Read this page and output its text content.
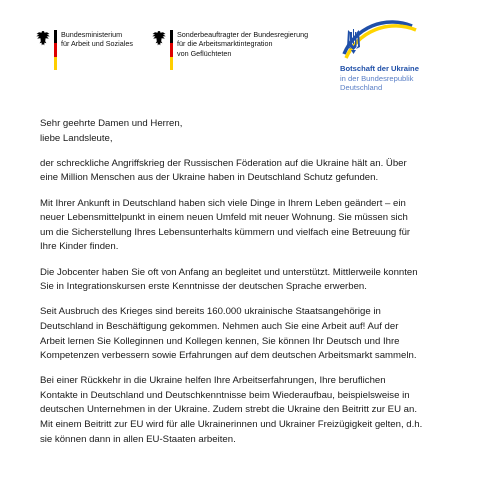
Bundesministerium
für Arbeit und Soziales
Sonderbeauftragter der Bundesregierung
für die Arbeitsmarktintegration
von Geflüchteten
Botschaft der Ukraine
in der Bundesrepublik
Deutschland

Sehr geehrte Damen und Herren,

liebe Landsleute,

der schreckliche Angriffskrieg der Russischen Föderation auf die Ukraine hält an. Über
eine Million Menschen aus der Ukraine haben in Deutschland Schutz gefunden.

Mit Ihrer Ankunft in Deutschland haben sich viele Dinge in Ihrem Leben geändert – ein
neuer Lebensmittelpunkt in einem neuen Umfeld mit neuer Wohnung. Sie müssen sich
um die Sicherstellung Ihres Lebensunterhalts kümmern und vielfach eine Betreuung für
Ihre Kinder finden.

Die Jobcenter haben Sie oft von Anfang an begleitet und unterstützt. Mittlerweile konnten
Sie in Integrationskursen erste Kenntnisse der deutschen Sprache erwerben.

Seit Ausbruch des Krieges sind bereits 160.000 ukrainische Staatsangehörige in
Deutschland in Beschäftigung gekommen. Nehmen auch Sie eine Arbeit auf! Auf der
Arbeit lernen Sie Kolleginnen und Kollegen kennen, Sie können Ihr Deutsch und Ihre
Kompetenzen verbessern sowie Erfahrungen auf dem deutschen Arbeitsmarkt sammeln.

Bei einer Rückkehr in die Ukraine helfen Ihre Arbeitserfahrungen, Ihre beruflichen
Kontakte in Deutschland und Deutschkenntnisse beim Wiederaufbau, beispielsweise in
deutschen Unternehmen in der Ukraine. Zudem strebt die Ukraine den Beitritt zur EU an.
Mit einem Beitritt zur EU wird für alle Ukrainerinnen und Ukrainer Freizügigkeit gelten, d.h.
sie können dann in allen EU-Staaten arbeiten.
